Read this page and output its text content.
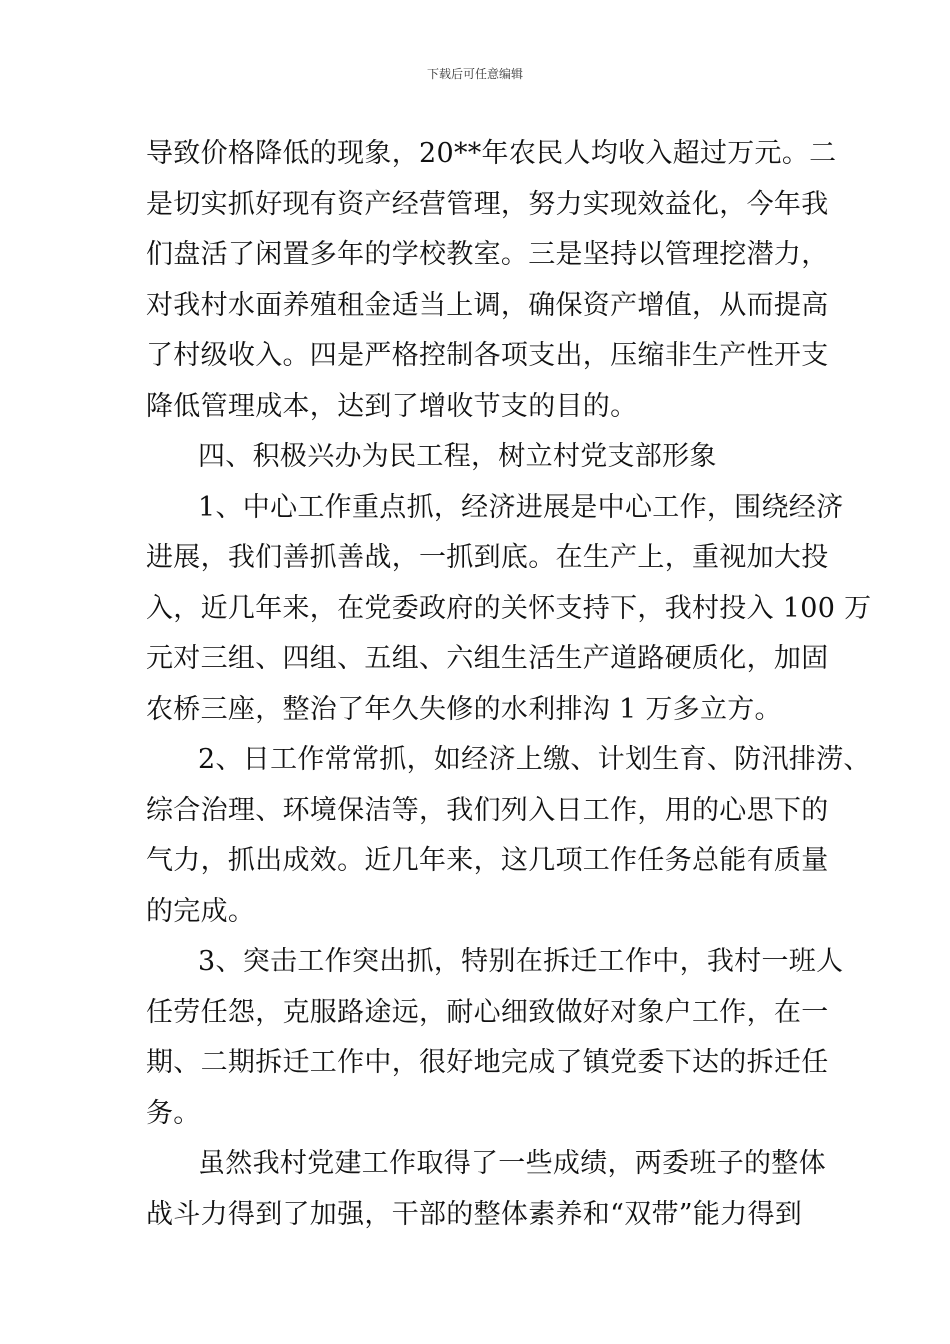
下载后可任意编辑
导致价格降低的现象，20**年农民人均收入超过万元。二
是切实抓好现有资产经营管理，努力实现效益化，今年我
们盘活了闲置多年的学校教室。三是坚持以管理挖潜力，
对我村水面养殖租金适当上调，确保资产增值，从而提高
了村级收入。四是严格控制各项支出，压缩非生产性开支
降低管理成本，达到了增收节支的目的。
四、积极兴办为民工程，树立村党支部形象
1、中心工作重点抓，经济进展是中心工作，围绕经济
进展，我们善抓善战，一抓到底。在生产上，重视加大投
入，近几年来，在党委政府的关怀支持下，我村投入 100 万
元对三组、四组、五组、六组生活生产道路硬质化，加固
农桥三座，整治了年久失修的水利排沟 1 万多立方。
2、日工作常常抓，如经济上缴、计划生育、防汛排涝、
综合治理、环境保洁等，我们列入日工作，用的心思下的
气力，抓出成效。近几年来，这几项工作任务总能有质量
的完成。
3、突击工作突出抓，特别在拆迁工作中，我村一班人
任劳任怨，克服路途远，耐心细致做好对象户工作，在一
期、二期拆迁工作中，很好地完成了镇党委下达的拆迁任
务。
虽然我村党建工作取得了一些成绩，两委班子的整体
战斗力得到了加强，干部的整体素养和“双带”能力得到
